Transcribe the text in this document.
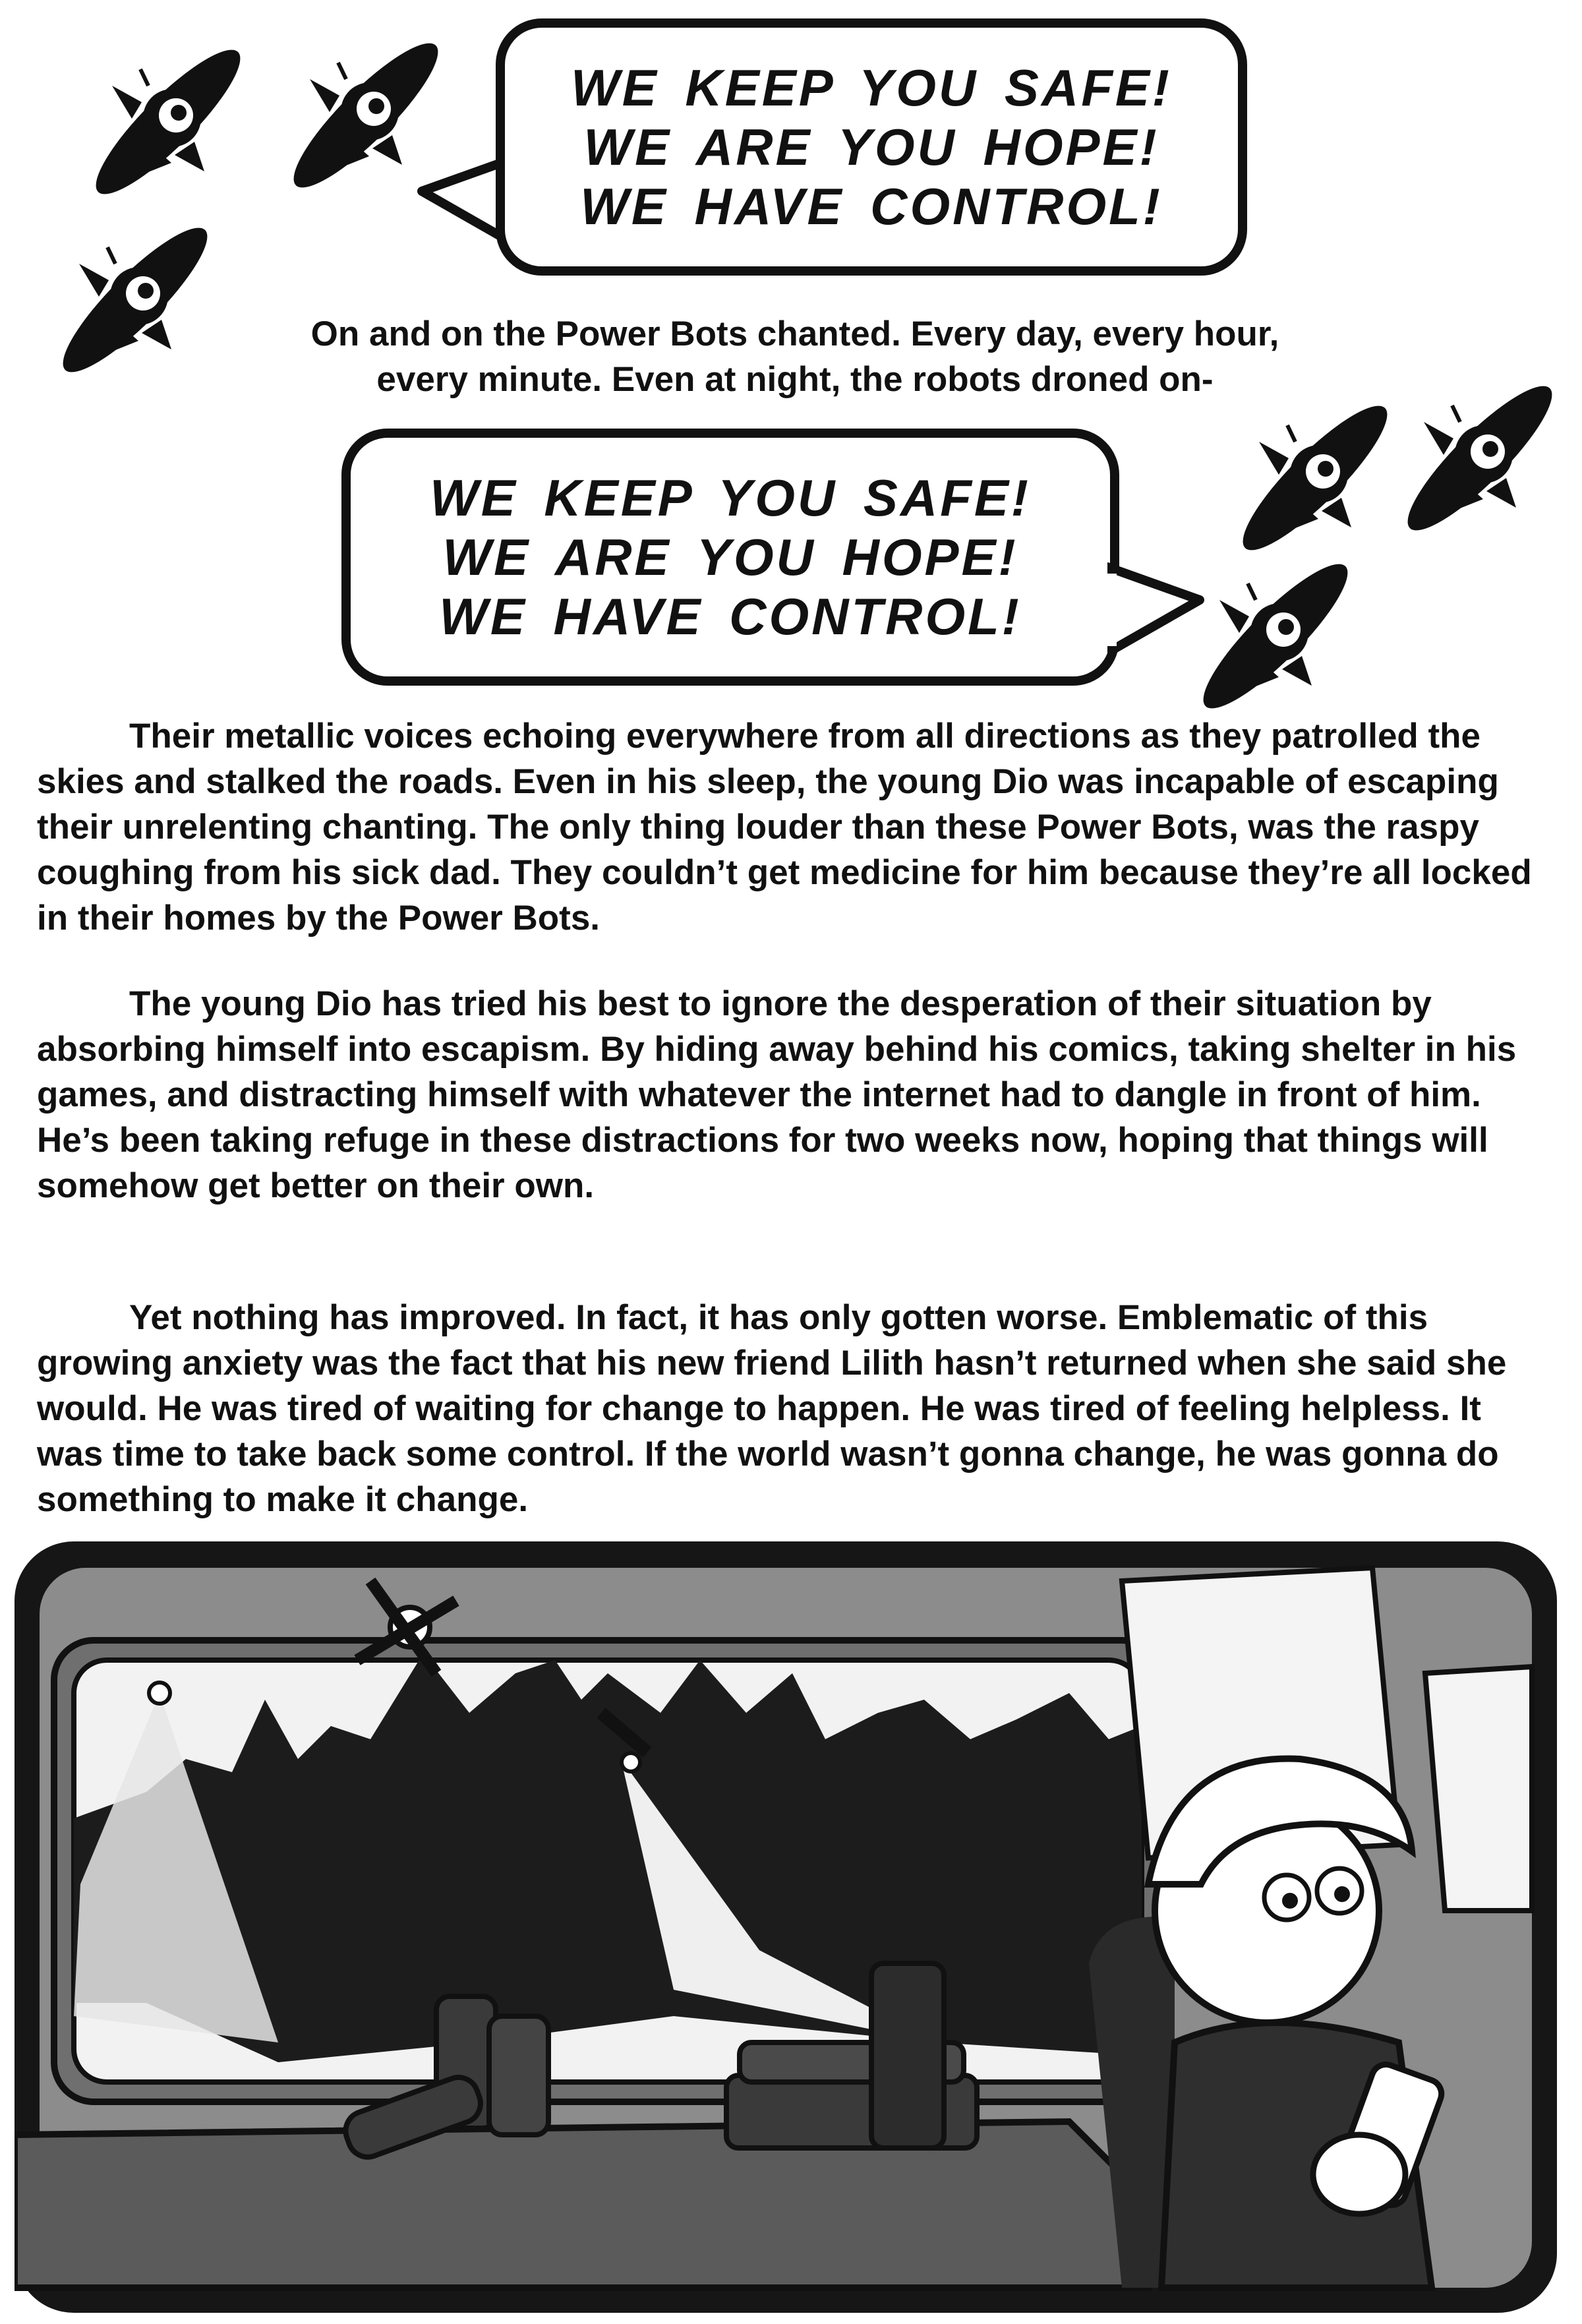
WE KEEP YOU SAFE!
WE ARE YOU HOPE!
WE HAVE CONTROL!

On and on the Power Bots chanted. Every day, every hour,

every minute. Even at night, the robots droned on-

WE KEEP YOU SAFE!
WE ARE YOU HOPE!
WE HAVE CONTROL!

Their metallic voices echoing everywhere from all directions as they patrolled the skies and stalked the roads. Even in his sleep, the young Dio was incapable of escaping their unrelenting chanting. The only thing louder than these Power Bots, was the raspy coughing from his sick dad. They couldn’t get medicine for him because they’re all locked in their homes by the Power Bots.

The young Dio has tried his best to ignore the desperation of their situation by absorbing himself into escapism. By hiding away behind his comics, taking shelter in his games, and distracting himself with whatever the internet had to dangle in front of him. He’s been taking refuge in these distractions for two weeks now, hoping that things will somehow get better on their own.

Yet nothing has improved. In fact, it has only gotten worse. Emblematic of this growing anxiety was the fact that his new friend Lilith hasn’t returned when she said she would. He was tired of waiting for change to happen. He was tired of feeling helpless. It was time to take back some control. If the world wasn’t gonna change, he was gonna do something to make it change.
